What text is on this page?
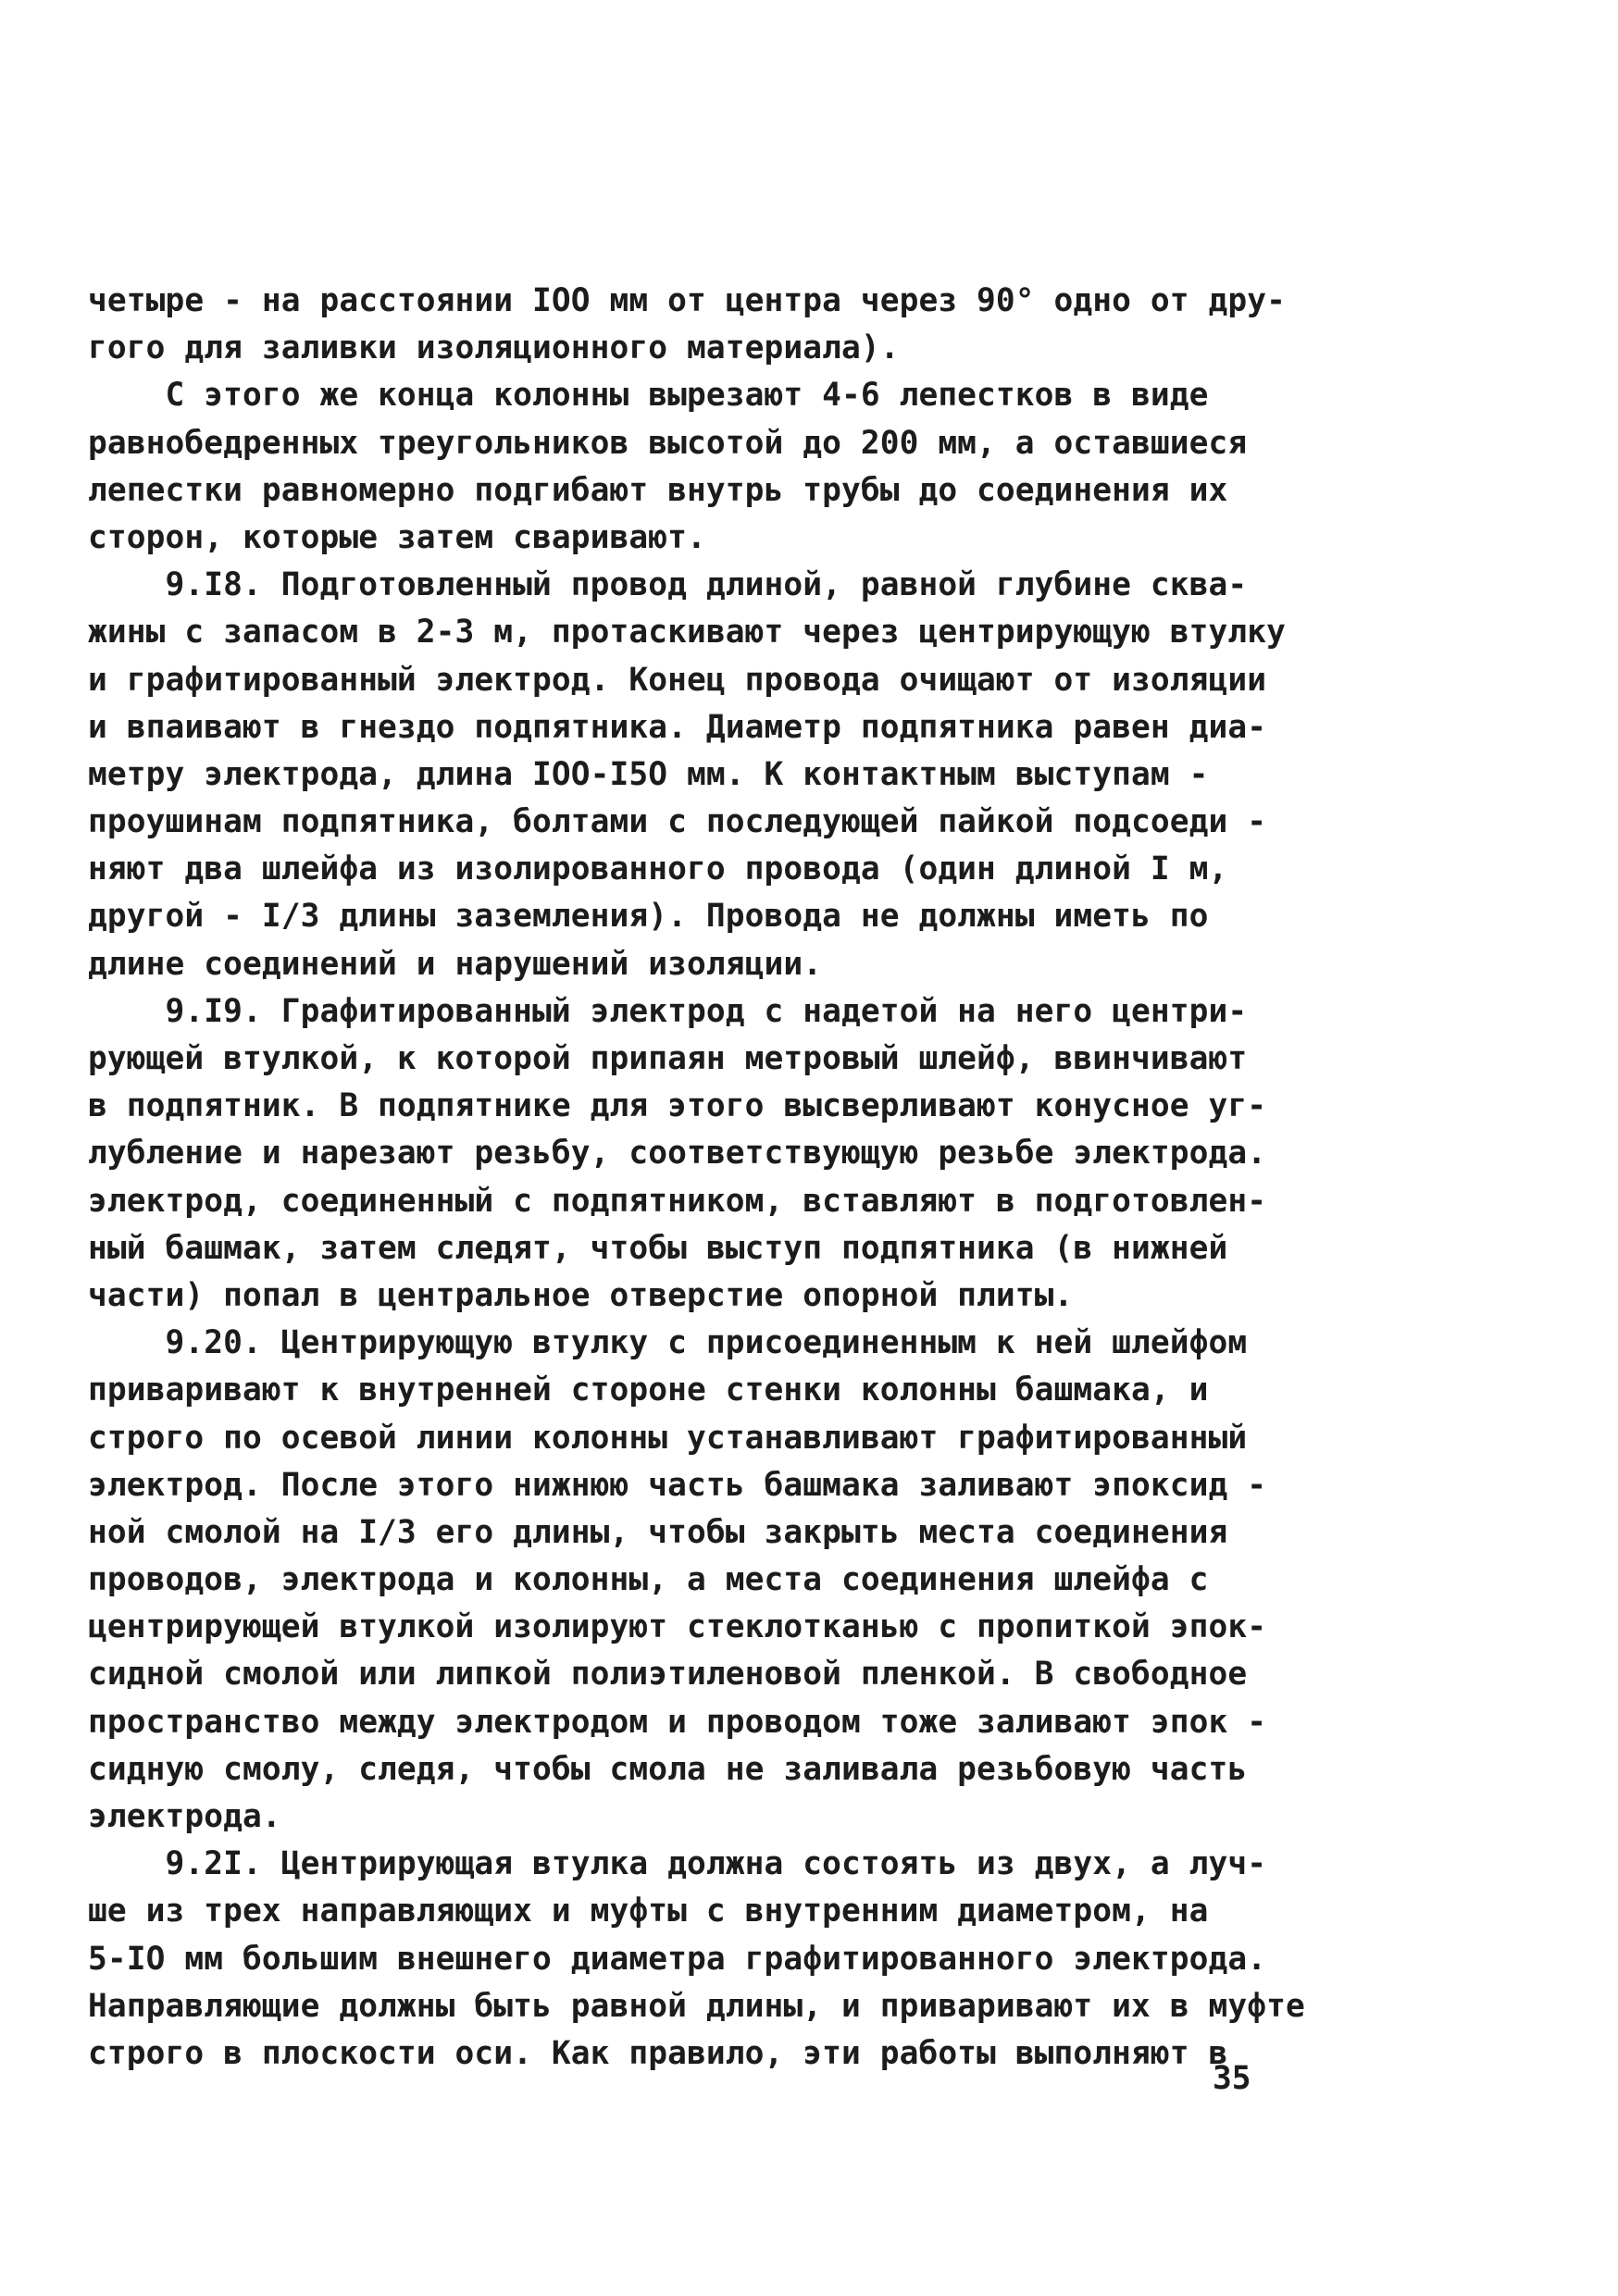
четыре - на расстоянии IOO мм от центра через 90° одно от дру-
гого для заливки изоляционного материала).
С этого же конца колонны вырезают 4-6 лепестков в виде
равнобедренных треугольников высотой до 200 мм, а оставшиеся
лепестки равномерно подгибают внутрь трубы до соединения их
сторон, которые затем сваривают.
9.I8. Подготовленный провод длиной, равной глубине сква-
жины с запасом в 2-3 м, протаскивают через центрирующую втулку
и графитированный электрод. Конец провода очищают от изоляции
и впаивают в гнездо подпятника. Диаметр подпятника равен диа-
метру электрода, длина IOO-I5O мм. К контактным выступам -
проушинам подпятника, болтами с последующей пайкой подсоеди -
няют два шлейфа из изолированного провода (один длиной I м,
другой - I/3 длины заземления). Провода не должны иметь по
длине соединений и нарушений изоляции.
9.I9. Графитированный электрод с надетой на него центри-
рующей втулкой, к которой припаян метровый шлейф, ввинчивают
в подпятник. В подпятнике для этого высверливают конусное уг-
лубление и нарезают резьбу, соответствующую резьбе электрода.
электрод, соединенный с подпятником, вставляют в подготовлен-
ный башмак, затем следят, чтобы выступ подпятника (в нижней
части) попал в центральное отверстие опорной плиты.
9.20. Центрирующую втулку с присоединенным к ней шлейфом
приваривают к внутренней стороне стенки колонны башмака, и
строго по осевой линии колонны устанавливают графитированный
электрод. После этого нижнюю часть башмака заливают эпоксид -
ной смолой на I/3 его длины, чтобы закрыть места соединения
проводов, электрода и колонны, а места соединения шлейфа с
центрирующей втулкой изолируют стеклотканью с пропиткой эпок-
сидной смолой или липкой полиэтиленовой пленкой. В свободное
пространство между электродом и проводом тоже заливают эпок -
сидную смолу, следя, чтобы смола не заливала резьбовую часть
электрода.
9.2I. Центрирующая втулка должна состоять из двух, а луч-
ше из трех направляющих и муфты с внутренним диаметром, на
5-IO мм большим внешнего диаметра графитированного электрода.
Направляющие должны быть равной длины, и приваривают их в муфте
строго в плоскости оси. Как правило, эти работы выполняют в
35
